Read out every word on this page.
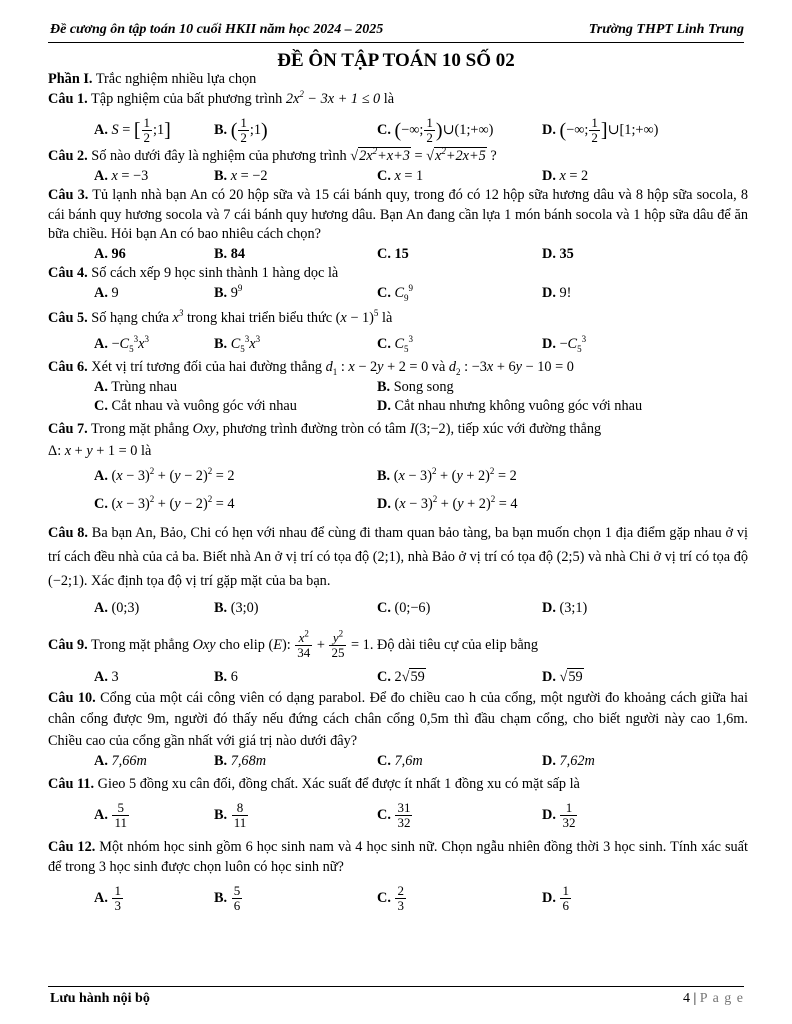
Đề cương ôn tập toán 10 cuối HKII năm học 2024 – 2025	Trường THPT Linh Trung
ĐỀ ÔN TẬP TOÁN 10 SỐ 02
Phần I. Trắc nghiệm nhiều lựa chọn
Câu 1. Tập nghiệm của bất phương trình $2x^2 - 3x + 1 \le 0$ là
A. S = [ $\frac{1}{2}$ ;1]	B. ( $\frac{1}{2}$ ;1)	C. (−∞; $\frac{1}{2}$ )∪(1;+∞)	D. (−∞; $\frac{1}{2}$ ]∪[1;+∞)
Câu 2. Số nào dưới đây là nghiệm của phương trình $√2x^2+x+3 = √x^2+2x+5$ ?
A. x = −3	B. x = −2	C. x = 1	D. x = 2
Câu 3. Tủ lạnh nhà bạn An có 20 hộp sữa và 15 cái bánh quy, trong đó có 12 hộp sữa hương dâu và 8 hộp sữa socola, 8 cái bánh quy hương socola và 7 cái bánh quy hương dâu. Bạn An đang cần lựa 1 món bánh socola và 1 hộp sữa dâu để ăn bữa chiều. Hỏi bạn An có bao nhiêu cách chọn?
A. 96	B. 84	C. 15	D. 35
Câu 4. Số cách xếp 9 học sinh thành 1 hàng dọc là
A. 9	B. $9^9$	C. $C_9^9$	D. 9!
Câu 5. Số hạng chứa $x^3$ trong khai triển biểu thức $(x - 1)^5$ là
A. $-C_5^3x^3$	B. $C_5^3x^3$	C. $C_5^3$	D. $-C_5^3$
Câu 6. Xét vị trí tương đối của hai đường thẳng $d_1$ : x − 2y + 2 = 0 và $d_2$ : −3x + 6y − 10 = 0
A. Trùng nhau	B. Song song
C. Cắt nhau và vuông góc với nhau	D. Cắt nhau nhưng không vuông góc với nhau
Câu 7. Trong mặt phẳng Oxy, phương trình đường tròn có tâm I(3;−2), tiếp xúc với đường thẳng
Δ: x + y + 1 = 0 là
A. $(x - 3)^2 + (y - 2)^2 = 2$	B. $(x - 3)^2 + (y + 2)^2 = 2$
C. $(x - 3)^2 + (y - 2)^2 = 4$	D. $(x - 3)^2 + (y + 2)^2 = 4$
Câu 8. Ba bạn An, Bảo, Chi có hẹn với nhau để cùng đi tham quan bảo tàng, ba bạn muốn chọn 1 địa điểm gặp nhau ở vị trí cách đều nhà của cả ba. Biết nhà An ở vị trí có tọa độ (2;1), nhà Bảo ở vị trí có tọa độ (2;5) và nhà Chi ở vị trí có tọa độ (−2;1). Xác định tọa độ vị trí gặp mặt của ba bạn.
A. (0;3)	B. (3;0)	C. (0;−6)	D. (3;1)
Câu 9. Trong mặt phẳng Oxy cho elip (E): $\frac{x^2}{34} + \frac{y^2}{25} = 1$. Độ dài tiêu cự của elip bằng
A. 3	B. 6	C. 2√59	D. √59
Câu 10. Cổng của một cái công viên có dạng parabol. Để đo chiều cao h của cổng, một người đo khoảng cách giữa hai chân cổng được 9m, người đó thấy nếu đứng cách chân cổng 0,5m thì đầu chạm cổng, cho biết người này cao 1,6m. Chiều cao của cổng gần nhất với giá trị nào dưới đây?
A. 7,66m	B. 7,68m	C. 7,6m	D. 7,62m
Câu 11. Gieo 5 đồng xu cân đối, đồng chất. Xác suất để được ít nhất 1 đồng xu có mặt sấp là
A. $\frac{5}{11}$	B. $\frac{8}{11}$	C. $\frac{31}{32}$	D. $\frac{1}{32}$
Câu 12. Một nhóm học sinh gồm 6 học sinh nam và 4 học sinh nữ. Chọn ngẫu nhiên đồng thời 3 học sinh. Tính xác suất để trong 3 học sinh được chọn luôn có học sinh nữ?
A. $\frac{1}{3}$	B. $\frac{5}{6}$	C. $\frac{2}{3}$	D. $\frac{1}{6}$
Lưu hành nội bộ	4 | P a g e
